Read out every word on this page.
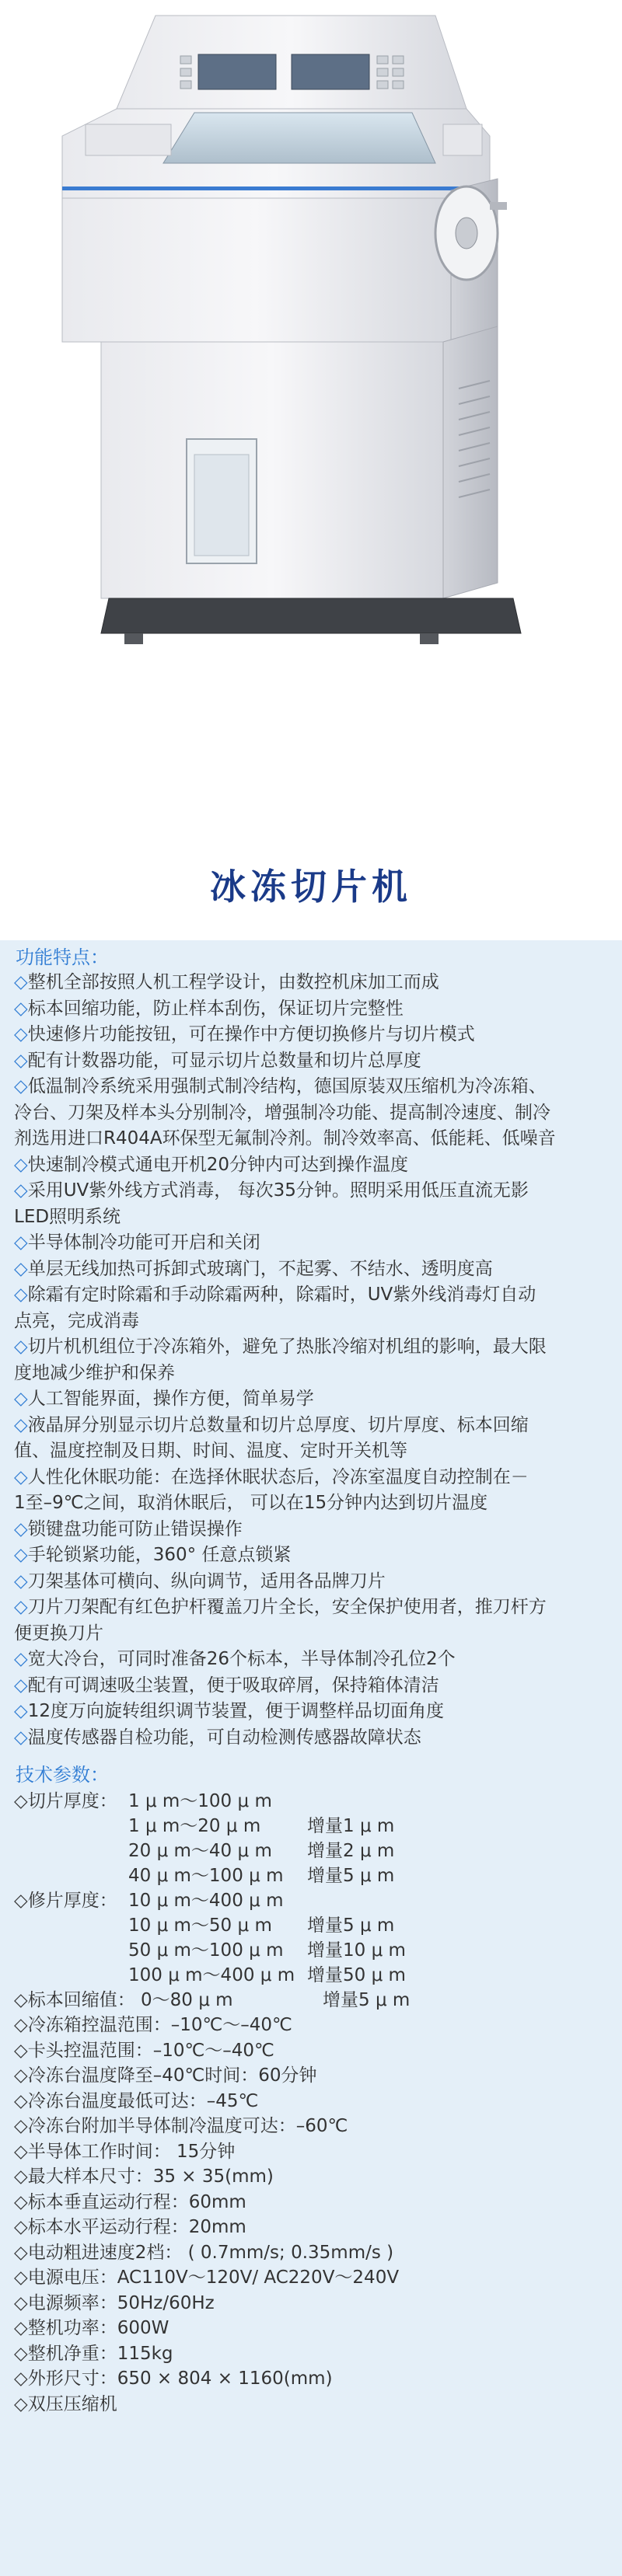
冰冻切片机
功能特点：
◇整机全部按照人机工程学设计，由数控机床加工而成
◇标本回缩功能，防止样本刮伤，保证切片完整性
◇快速修片功能按钮，可在操作中方便切换修片与切片模式
◇配有计数器功能，可显示切片总数量和切片总厚度
◇低温制冷系统采用强制式制冷结构，德国原装双压缩机为冷冻箱、
冷台、刀架及样本头分别制冷，增强制冷功能、提高制冷速度、制冷
剂选用进口R404A环保型无氟制冷剂。制冷效率高、低能耗、低噪音
◇快速制冷模式通电开机20分钟内可达到操作温度
◇采用UV紫外线方式消毒， 每次35分钟。照明采用低压直流无影
LED照明系统
◇半导体制冷功能可开启和关闭
◇单层无线加热可拆卸式玻璃门，不起雾、不结水、透明度高
◇除霜有定时除霜和手动除霜两种，除霜时，UV紫外线消毒灯自动
点亮，完成消毒
◇切片机机组位于冷冻箱外，避免了热胀冷缩对机组的影响，最大限
度地减少维护和保养
◇人工智能界面，操作方便，简单易学
◇液晶屏分别显示切片总数量和切片总厚度、切片厚度、标本回缩
值、温度控制及日期、时间、温度、定时开关机等
◇人性化休眠功能：在选择休眠状态后，冷冻室温度自动控制在－
1至–9℃之间，取消休眠后， 可以在15分钟内达到切片温度
◇锁键盘功能可防止错误操作
◇手轮锁紧功能，360° 任意点锁紧
◇刀架基体可横向、纵向调节，适用各品牌刀片
◇刀片刀架配有红色护杆覆盖刀片全长，安全保护使用者，推刀杆方
便更换刀片
◇宽大冷台，可同时准备26个标本，半导体制冷孔位2个
◇配有可调速吸尘装置，便于吸取碎屑，保持箱体清洁
◇12度万向旋转组织调节装置，便于调整样品切面角度
◇温度传感器自检功能，可自动检测传感器故障状态
技术参数：
◇切片厚度： 1 μ m～100 μ m
1 μ m～20 μ m	增量1 μ m
20 μ m～40 μ m 增量2 μ m
40 μ m～100 μ m 增量5 μ m
◇修片厚度： 10 μ m～400 μ m
10 μ m～50 μ m 增量5 μ m
50 μ m～100 μ m 增量10 μ m
100 μ m～400 μ m 增量50 μ m
◇标本回缩值： 0～80 μ m	增量5 μ m
◇冷冻箱控温范围：–10℃～–40℃
◇卡头控温范围：–10℃～–40℃
◇冷冻台温度降至–40℃时间：60分钟
◇冷冻台温度最低可达：–45℃
◇冷冻台附加半导体制冷温度可达：–60℃
◇半导体工作时间： 15分钟
◇最大样本尺寸：35 × 35(mm)
◇标本垂直运动行程：60mm
◇标本水平运动行程：20mm
◇电动粗进速度2档： ( 0.7mm/s; 0.35mm/s )
◇电源电压：AC110V～120V/ AC220V～240V
◇电源频率：50Hz/60Hz
◇整机功率：600W
◇整机净重：115kg
◇外形尺寸：650 × 804 × 1160(mm)
◇双压压缩机
